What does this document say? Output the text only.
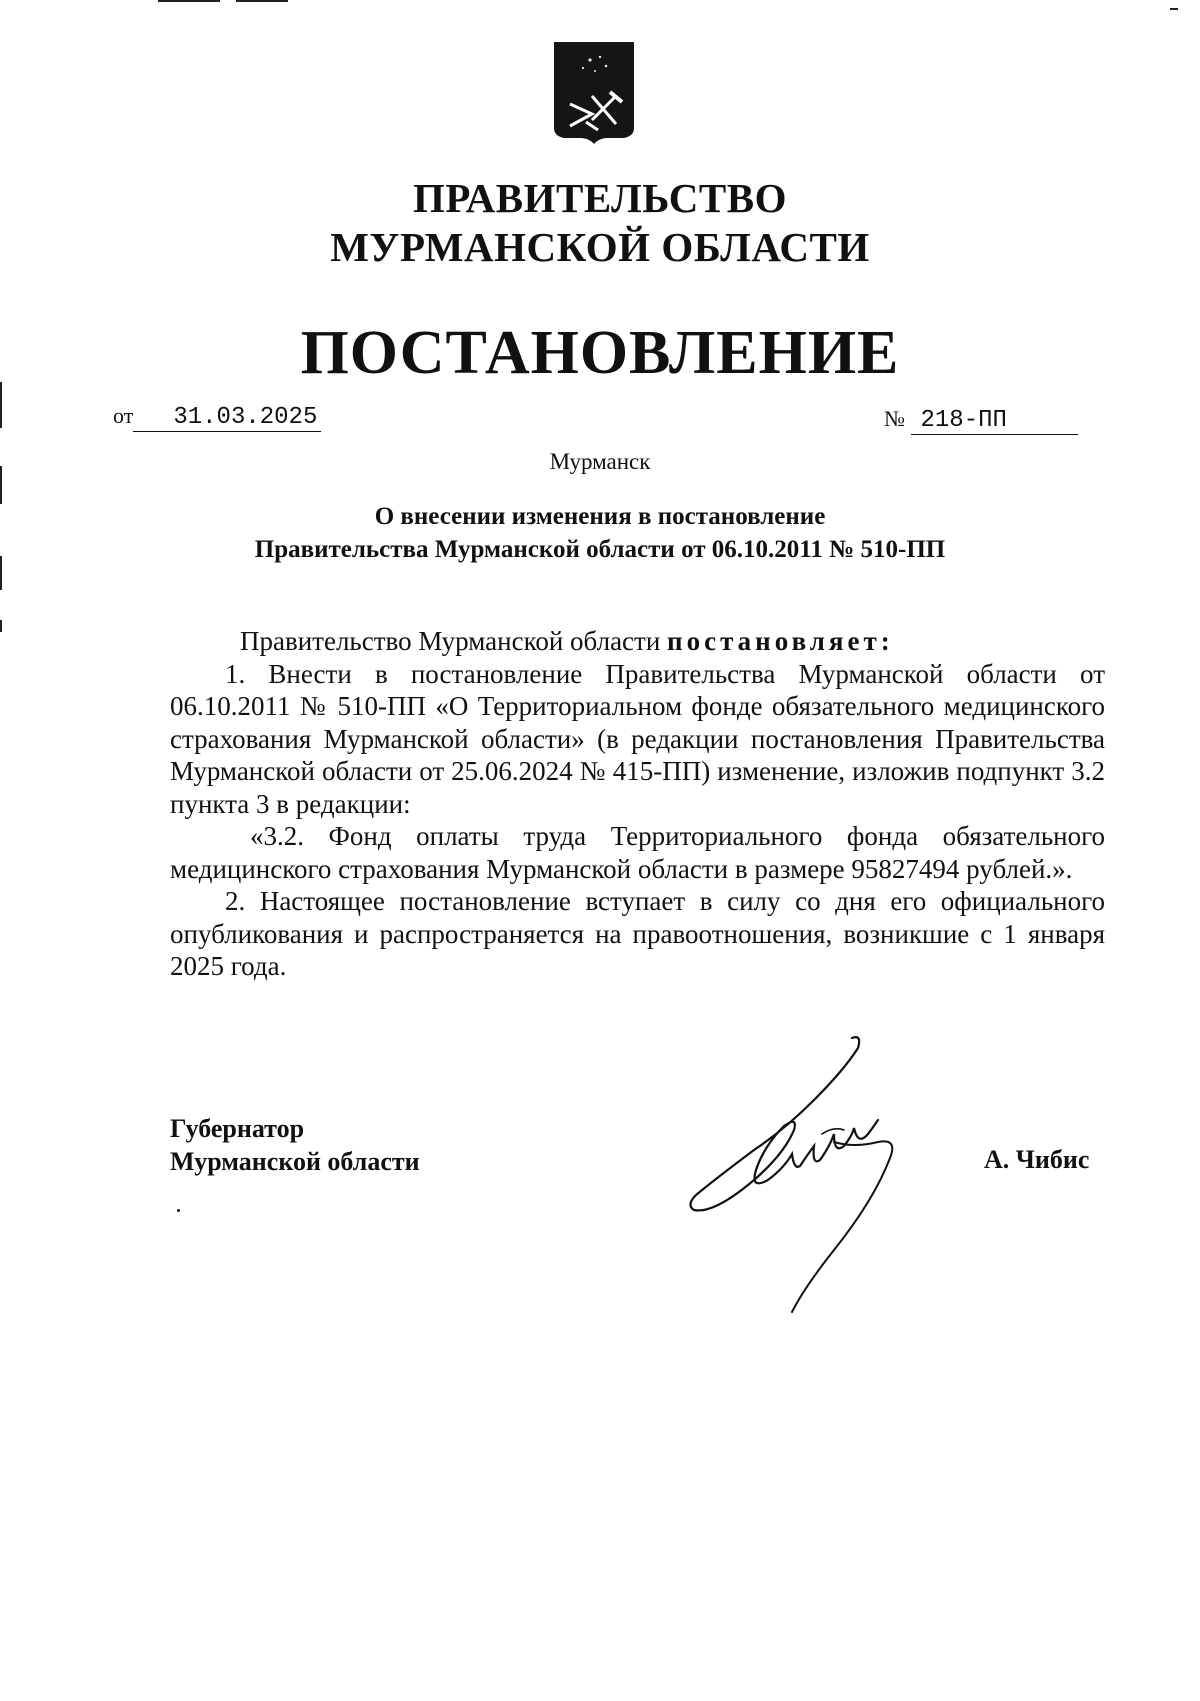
ПРАВИТЕЛЬСТВО
МУРМАНСКОЙ ОБЛАСТИ
ПОСТАНОВЛЕНИЕ
от 31.03.2025	№ 218-ПП
Мурманск
О внесении изменения в постановление
Правительства Мурманской области от 06.10.2011 № 510-ПП

Правительство Мурманской области постановляет:

1. Внести в постановление Правительства Мурманской области от 06.10.2011 № 510-ПП «О Территориальном фонде обязательного медицинского страхования Мурманской области» (в редакции постановления Правительства Мурманской области от 25.06.2024 № 415-ПП) изменение, изложив подпункт 3.2 пункта 3 в редакции:

«3.2. Фонд оплаты труда Территориального фонда обязательного медицинского страхования Мурманской области в размере 95827494 рублей.».

2. Настоящее постановление вступает в силу со дня его официального опубликования и распространяется на правоотношения, возникшие с 1 января 2025 года.

Губернатор
Мурманской области	А. Чибис
